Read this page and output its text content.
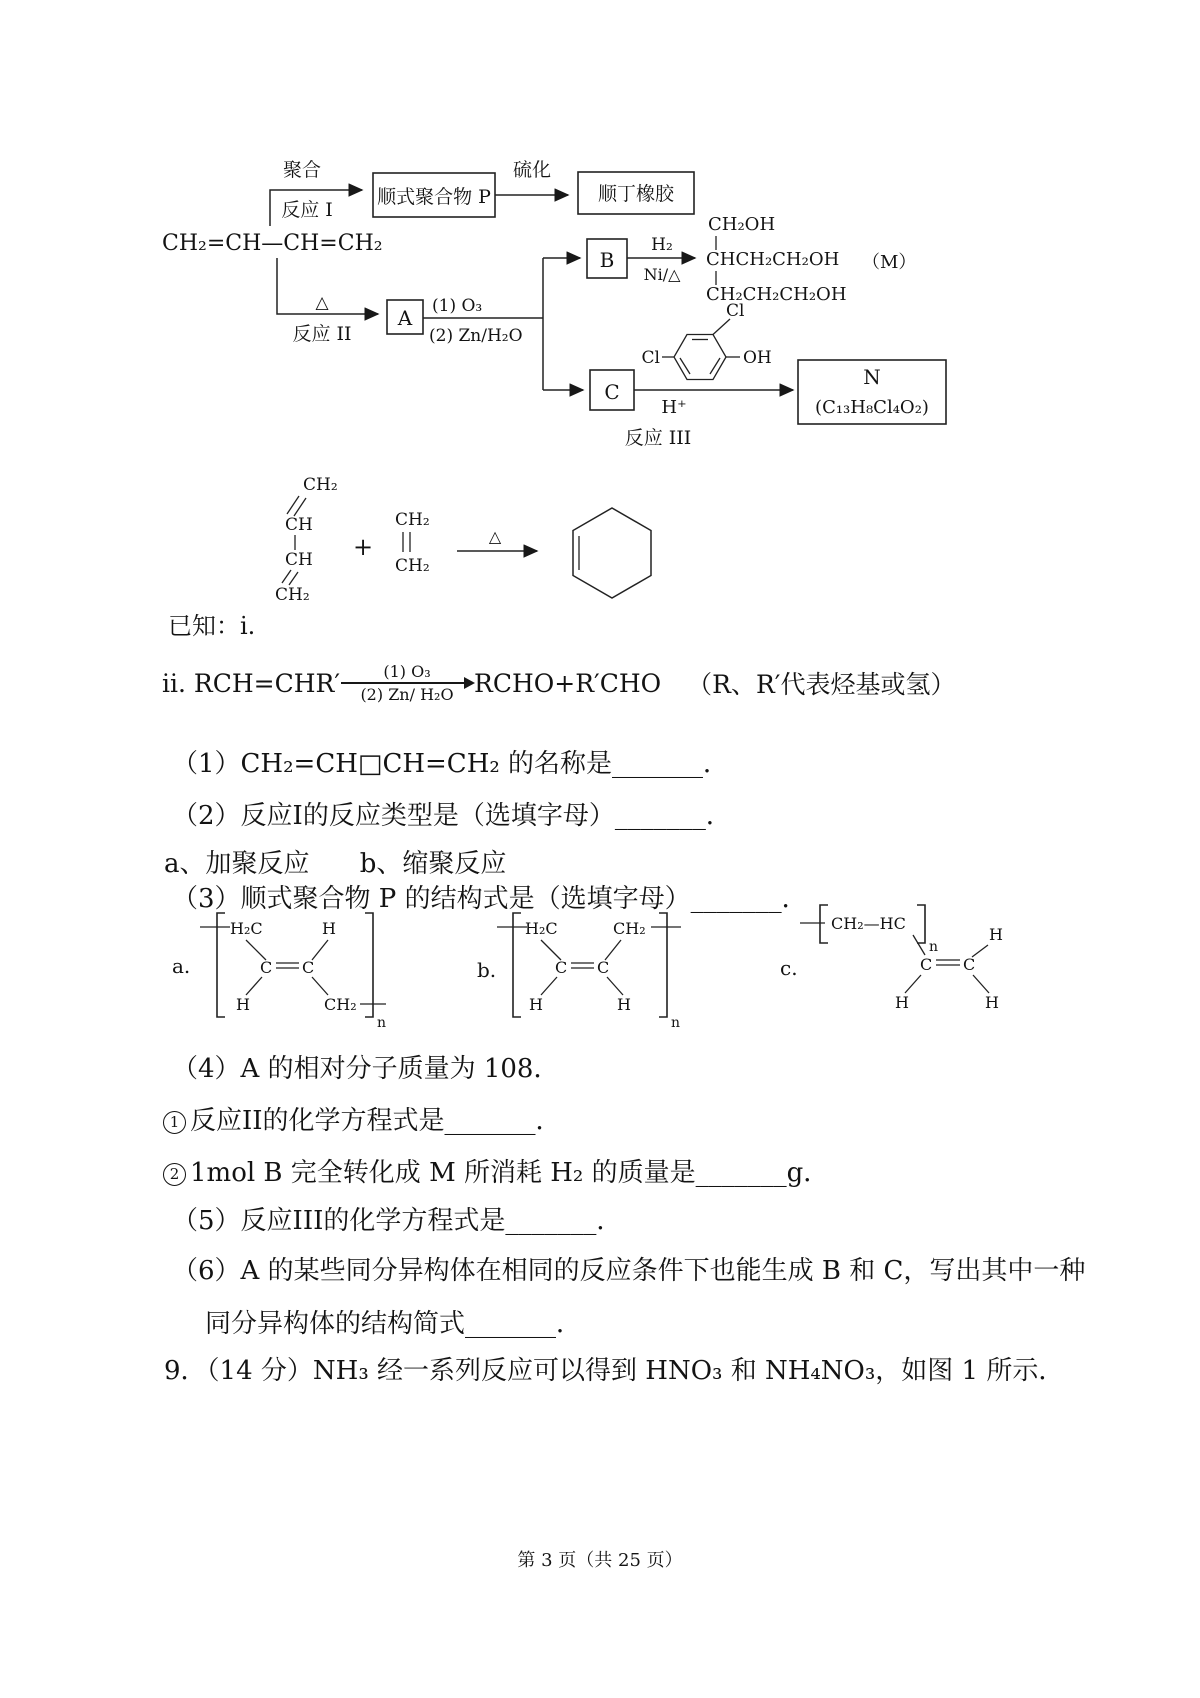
CH₂=CH—CH=CH₂
聚合
反应 I
顺式聚合物 P
硫化
顺丁橡胶
△
反应 II
A (1) O₃
(2) Zn/H₂O
B
H₂
Ni/△
CH₂OH
CHCH₂CH₂OH
CH₂CH₂CH₂OH
（M）
C
H⁺
Cl
Cl	OH
N
(C₁₃H₈Cl₄O₂)
反应 III
CH₂
CH
CH
CH₂
+
CH₂
CH₂
△
已知：i.
ii. RCH=CHR′	(1) O₃
(2) Zn/ H₂O RCHO+R′CHO （R、R′代表烃基或氢）
（1）CH₂=CH□CH=CH₂ 的名称是_______．
（2）反应I的反应类型是（选填字母）_______．
a、加聚反应 b、缩聚反应
（3）顺式聚合物 P 的结构式是（选填字母）_______．
a.
H₂C	H
C C
H	CH₂
n
b.
H₂C	CH₂
C C
H	H
n
c.
CH₂—HC
n
C C
H
H	H
（4）A 的相对分子质量为 108．
1 反应II的化学方程式是_______．
2 1mol B 完全转化成 M 所消耗 H₂ 的质量是_______g．
（5）反应III的化学方程式是_______．
（6）A 的某些同分异构体在相同的反应条件下也能生成 B 和 C，写出其中一种
同分异构体的结构简式_______．
9．（14 分）NH₃ 经一系列反应可以得到 HNO₃ 和 NH₄NO₃，如图 1 所示．
第 3 页（共 25 页）
